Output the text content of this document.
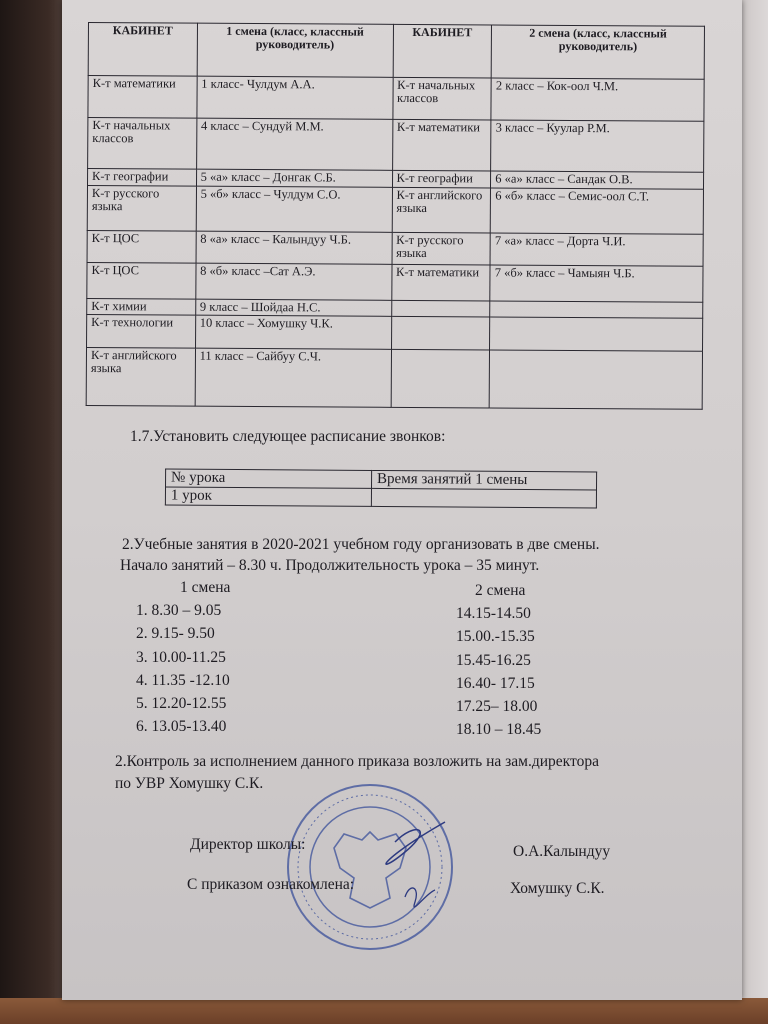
КАБИНЕТ	1 смена (класс, классный руководитель)	КАБИНЕТ	2 смена (класс, классный руководитель)
К-т математики	1 класс- Чулдум А.А.	К-т начальных классов	2 класс – Кок-оол Ч.М.
К-т начальных классов	4 класс – Сундуй М.М.	К-т математики	3 класс – Куулар Р.М.
К-т географии	5 «а» класс – Донгак С.Б.	К-т географии	6 «а» класс – Сандак О.В.
К-т русского языка	5 «б» класс – Чулдум С.О.	К-т английского языка	6 «б» класс – Семис-оол С.Т.
К-т ЦОС	8 «а» класс – Калындуу Ч.Б.	К-т русского языка	7 «а» класс – Дорта Ч.И.
К-т ЦОС	8 «б» класс –Сат А.Э.	К-т математики	7 «б» класс – Чамыян Ч.Б.
К-т химии	9 класс – Шойдаа Н.С.		
К-т технологии	10 класс – Хомушку Ч.К.		
К-т английского языка	11 класс – Сайбуу С.Ч.		
1.7.Установить следующее расписание звонков:
№ урока	Время занятий 1 смены
1 урок	
2.Учебные занятия в 2020-2021 учебном году организовать в две смены.
Начало занятий – 8.30 ч. Продолжительность урока – 35 минут.
1 смена
1. 8.30 – 9.05
2. 9.15- 9.50
3. 10.00-11.25
4. 11.35 -12.10
5. 12.20-12.55
6. 13.05-13.40
2 смена
14.15-14.50
15.00.-15.35
15.45-16.25
16.40- 17.15
17.25– 18.00
18.10 – 18.45
2.Контроль за исполнением данного приказа возложить на зам.директора
по УВР Хомушку С.К.
Директор школы:	О.А.Калындуу
С приказом ознакомлена:	Хомушку С.К.
